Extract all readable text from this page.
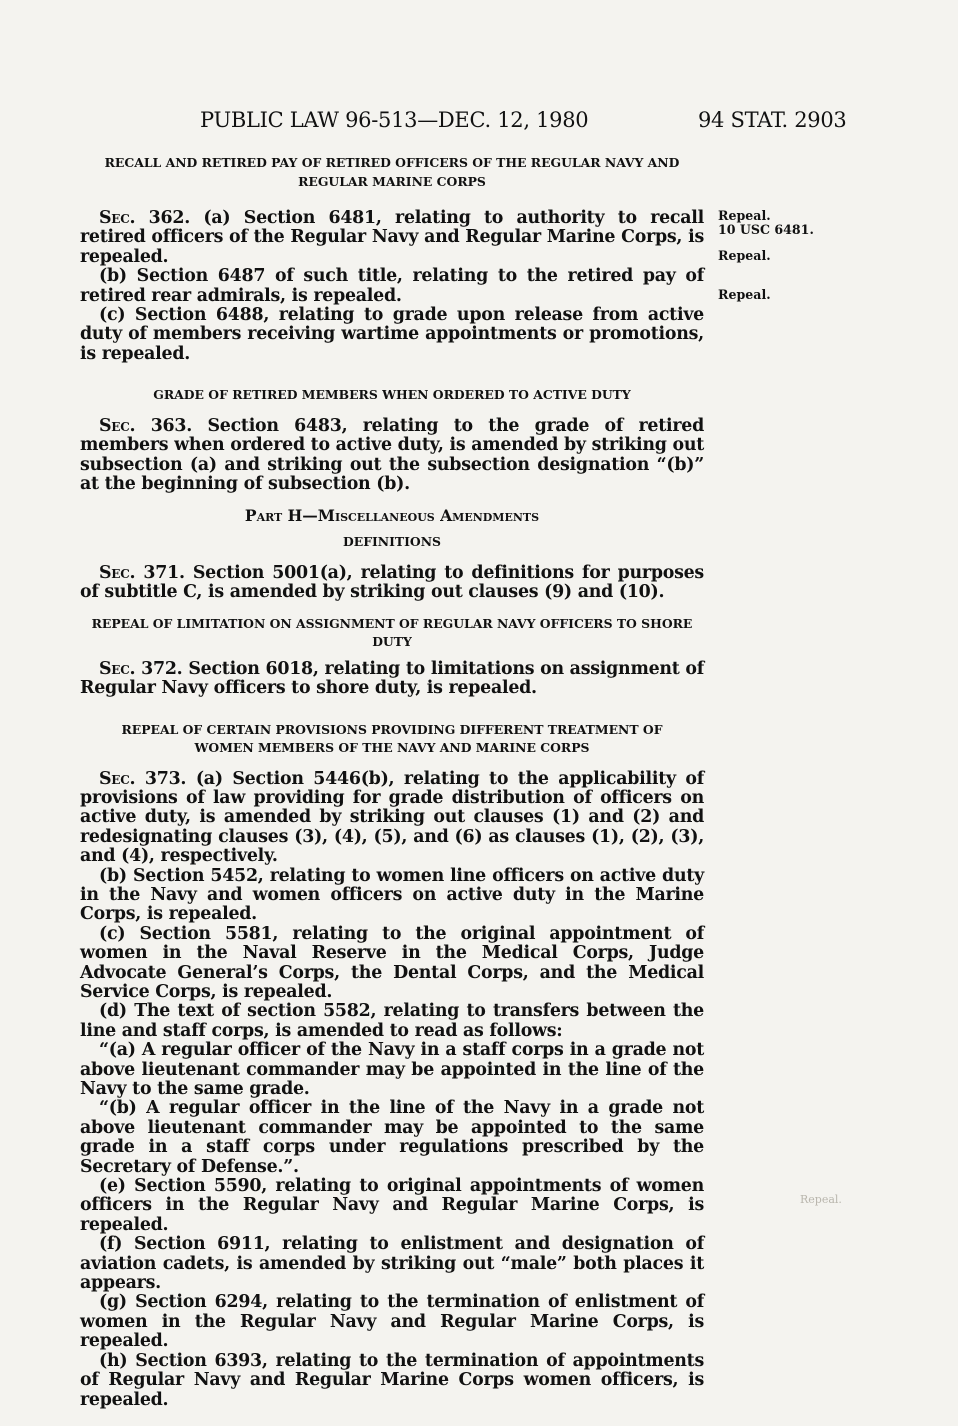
PUBLIC LAW 96-513—DEC. 12, 1980	94 STAT. 2903
Repeal.
10 USC 6481.
Repeal.
Repeal.
Repeal.

RECALL AND RETIRED PAY OF RETIRED OFFICERS OF THE REGULAR NAVY AND REGULAR MARINE CORPS

Sec. 362. (a) Section 6481, relating to authority to recall retired officers of the Regular Navy and Regular Marine Corps, is repealed.

(b) Section 6487 of such title, relating to the retired pay of retired rear admirals, is repealed.

(c) Section 6488, relating to grade upon release from active duty of members receiving wartime appointments or promotions, is repealed.

GRADE OF RETIRED MEMBERS WHEN ORDERED TO ACTIVE DUTY

Sec. 363. Section 6483, relating to the grade of retired members when ordered to active duty, is amended by striking out subsection (a) and striking out the subsection designation “(b)” at the beginning of subsection (b).

Part H—Miscellaneous Amendments

DEFINITIONS

Sec. 371. Section 5001(a), relating to definitions for purposes of subtitle C, is amended by striking out clauses (9) and (10).

REPEAL OF LIMITATION ON ASSIGNMENT OF REGULAR NAVY OFFICERS TO SHORE DUTY

Sec. 372. Section 6018, relating to limitations on assignment of Regular Navy officers to shore duty, is repealed.

REPEAL OF CERTAIN PROVISIONS PROVIDING DIFFERENT TREATMENT OF WOMEN MEMBERS OF THE NAVY AND MARINE CORPS

Sec. 373. (a) Section 5446(b), relating to the applicability of provisions of law providing for grade distribution of officers on active duty, is amended by striking out clauses (1) and (2) and redesignating clauses (3), (4), (5), and (6) as clauses (1), (2), (3), and (4), respectively.

(b) Section 5452, relating to women line officers on active duty in the Navy and women officers on active duty in the Marine Corps, is repealed.

(c) Section 5581, relating to the original appointment of women in the Naval Reserve in the Medical Corps, Judge Advocate General’s Corps, the Dental Corps, and the Medical Service Corps, is repealed.

(d) The text of section 5582, relating to transfers between the line and staff corps, is amended to read as follows:

“(a) A regular officer of the Navy in a staff corps in a grade not above lieutenant commander may be appointed in the line of the Navy to the same grade.

“(b) A regular officer in the line of the Navy in a grade not above lieutenant commander may be appointed to the same grade in a staff corps under regulations prescribed by the Secretary of Defense.”.

(e) Section 5590, relating to original appointments of women officers in the Regular Navy and Regular Marine Corps, is repealed.

(f) Section 6911, relating to enlistment and designation of aviation cadets, is amended by striking out “male” both places it appears.

(g) Section 6294, relating to the termination of enlistment of women in the Regular Navy and Regular Marine Corps, is repealed.

(h) Section 6393, relating to the termination of appointments of Regular Navy and Regular Marine Corps women officers, is repealed.
